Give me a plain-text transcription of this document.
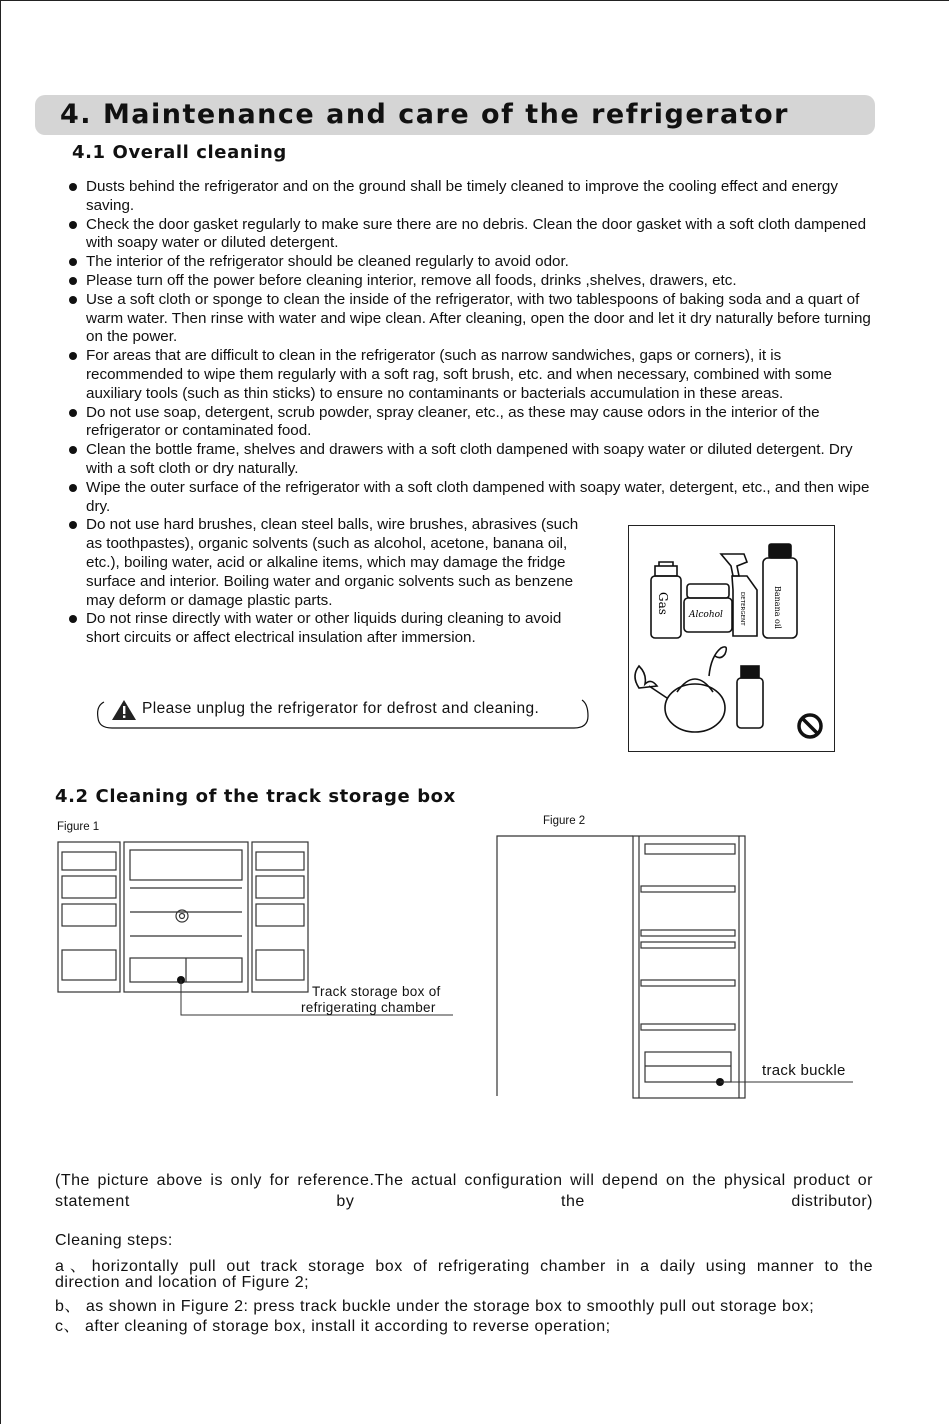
4. Maintenance and care of the refrigerator
4.1 Overall cleaning
Dusts behind the refrigerator and on the ground shall be timely cleaned to improve the cooling effect and energy saving.
Check the door gasket regularly to make sure there are no debris. Clean the door gasket with a soft cloth dampened with soapy water or diluted detergent.
The interior of the refrigerator should be cleaned regularly to avoid odor.
Please turn off the power before cleaning interior, remove all foods, drinks ,shelves, drawers, etc.
Use a soft cloth or sponge to clean the inside of the refrigerator, with two tablespoons of baking soda and a quart of warm water. Then rinse with water and wipe clean. After cleaning, open the door and let it dry naturally before turning on the power.
For areas that are difficult to clean in the refrigerator (such as narrow sandwiches, gaps or corners), it is recommended to wipe them regularly with a soft rag, soft brush, etc. and when necessary, combined with some auxiliary tools (such as thin sticks) to ensure no contaminants or bacterials accumulation in these areas.
Do not use soap, detergent, scrub powder, spray cleaner, etc., as these may cause odors in the interior of the refrigerator or contaminated food.
Clean the bottle frame, shelves and drawers with a soft cloth dampened with soapy water or diluted detergent. Dry with a soft cloth or dry naturally.
Wipe the outer surface of the refrigerator with a soft cloth dampened with soapy water, detergent, etc., and then wipe dry.
Do not use hard brushes, clean steel balls, wire brushes, abrasives (such as toothpastes), organic solvents (such as alcohol, acetone, banana oil, etc.), boiling water, acid or alkaline items, which may damage the fridge surface and interior. Boiling water and organic solvents such as benzene may deform or damage plastic parts.
Do not rinse directly with water or other liquids during cleaning to avoid short circuits or affect electrical insulation after immersion.
Please unplug the refrigerator for defrost and cleaning.
Gas
Alcohol	DETERGENT	Banana oil
4.2 Cleaning of the track storage box
Figure 1	Figure 2
Track storage box of
refrigerating chamber
track buckle
(The picture above is only for reference.The actual configuration will depend on the physical product or statement by the distributor)
Cleaning steps:
a、horizontally pull out track storage box of refrigerating chamber in a daily using manner to the
direction and location of Figure 2;
b、 as shown in Figure 2: press track buckle under the storage box to smoothly pull out storage box;
c、 after cleaning of storage box, install it according to reverse operation;
